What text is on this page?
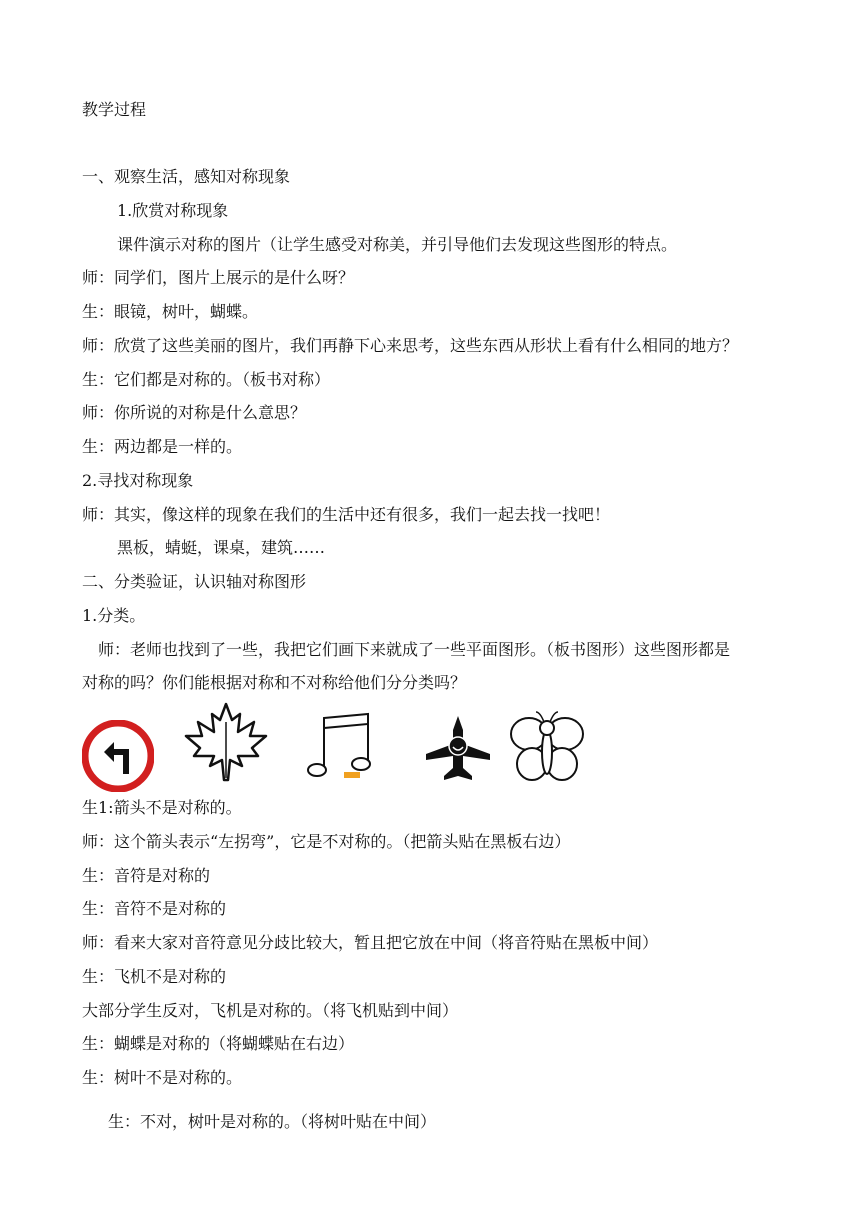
教学过程
一、观察生活，感知对称现象
1.欣赏对称现象
课件演示对称的图片（让学生感受对称美，并引导他们去发现这些图形的特点。
师：同学们，图片上展示的是什么呀？
生：眼镜，树叶，蝴蝶。
师：欣赏了这些美丽的图片，我们再静下心来思考，这些东西从形状上看有什么相同的地方？
生：它们都是对称的。（板书对称）
师：你所说的对称是什么意思？
生：两边都是一样的。
2.寻找对称现象
师：其实，像这样的现象在我们的生活中还有很多，我们一起去找一找吧！
黑板，蜻蜓，课桌，建筑……
二、分类验证，认识轴对称图形
1.分类。
师：老师也找到了一些，我把它们画下来就成了一些平面图形。（板书图形）这些图形都是
对称的吗？你们能根据对称和不对称给他们分分类吗？
生1:箭头不是对称的。
师：这个箭头表示“左拐弯”，它是不对称的。（把箭头贴在黑板右边）
生：音符是对称的
生：音符不是对称的
师：看来大家对音符意见分歧比较大，暂且把它放在中间（将音符贴在黑板中间）
生：飞机不是对称的
大部分学生反对，飞机是对称的。（将飞机贴到中间）
生：蝴蝶是对称的（将蝴蝶贴在右边）
生：树叶不是对称的。
生：不对，树叶是对称的。（将树叶贴在中间）
